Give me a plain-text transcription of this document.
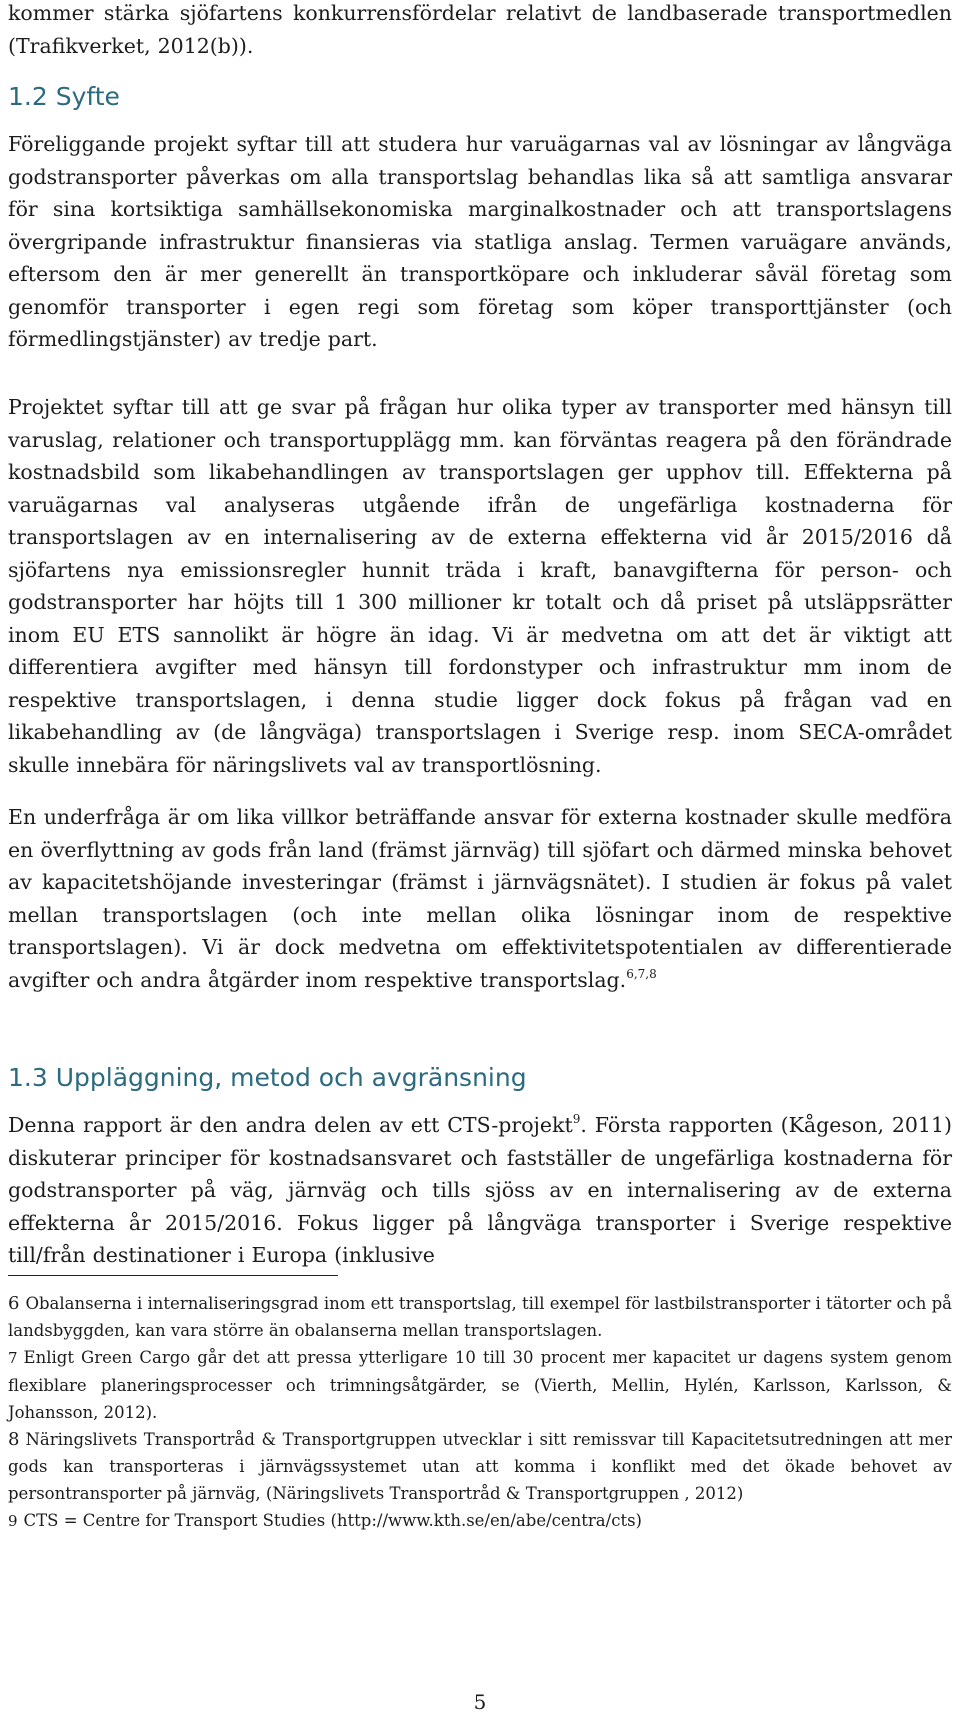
kommer stärka sjöfartens konkurrensfördelar relativt de landbaserade transportmedlen (Trafikverket, 2012(b)).

1.2 Syfte

Föreliggande projekt syftar till att studera hur varuägarnas val av lösningar av långväga godstransporter påverkas om alla transportslag behandlas lika så att samtliga ansvarar för sina kortsiktiga samhällsekonomiska marginalkostnader och att transportslagens övergripande infrastruktur finansieras via statliga anslag. Termen varuägare används, eftersom den är mer generellt än transportköpare och inkluderar såväl företag som genomför transporter i egen regi som företag som köper transporttjänster (och förmedlingstjänster) av tredje part.

Projektet syftar till att ge svar på frågan hur olika typer av transporter med hänsyn till varuslag, relationer och transportupplägg mm. kan förväntas reagera på den förändrade kostnadsbild som likabehandlingen av transportslagen ger upphov till. Effekterna på varuägarnas val analyseras utgående ifrån de ungefärliga kostnaderna för transportslagen av en internalisering av de externa effekterna vid år 2015/2016 då sjöfartens nya emissionsregler hunnit träda i kraft, banavgifterna för person- och godstransporter har höjts till 1 300 millioner kr totalt och då priset på utsläppsrätter inom EU ETS sannolikt är högre än idag. Vi är medvetna om att det är viktigt att differentiera avgifter med hänsyn till fordonstyper och infrastruktur mm inom de respektive transportslagen, i denna studie ligger dock fokus på frågan vad en likabehandling av (de långväga) transportslagen i Sverige resp. inom SECA-området skulle innebära för näringslivets val av transportlösning.

En underfråga är om lika villkor beträffande ansvar för externa kostnader skulle medföra en överflyttning av gods från land (främst järnväg) till sjöfart och därmed minska behovet av kapacitetshöjande investeringar (främst i järnvägsnätet). I studien är fokus på valet mellan transportslagen (och inte mellan olika lösningar inom de respektive transportslagen). Vi är dock medvetna om effektivitetspotentialen av differentierade avgifter och andra åtgärder inom respektive transportslag.$^{6,7,8}$

1.3 Uppläggning, metod och avgränsning

Denna rapport är den andra delen av ett CTS-projekt$^9$. Första rapporten (Kågeson, 2011) diskuterar principer för kostnadsansvaret och fastställer de ungefärliga kostnaderna för godstransporter på väg, järnväg och tills sjöss av en internalisering av de externa effekterna år 2015/2016. Fokus ligger på långväga transporter i Sverige respektive till/från destinationer i Europa (inklusive

6 Obalanserna i internaliseringsgrad inom ett transportslag, till exempel för lastbilstransporter i tätorter och på landsbyggden, kan vara större än obalanserna mellan transportslagen.

7 Enligt Green Cargo går det att pressa ytterligare 10 till 30 procent mer kapacitet ur dagens system genom flexiblare planeringsprocesser och trimningsåtgärder, se (Vierth, Mellin, Hylén, Karlsson, Karlsson, & Johansson, 2012).

8 Näringslivets Transportråd & Transportgruppen utvecklar i sitt remissvar till Kapacitetsutredningen att mer gods kan transporteras i järnvägssystemet utan att komma i konflikt med det ökade behovet av persontransporter på järnväg, (Näringslivets Transportråd & Transportgruppen , 2012)

9 CTS = Centre for Transport Studies (http://www.kth.se/en/abe/centra/cts)

5
